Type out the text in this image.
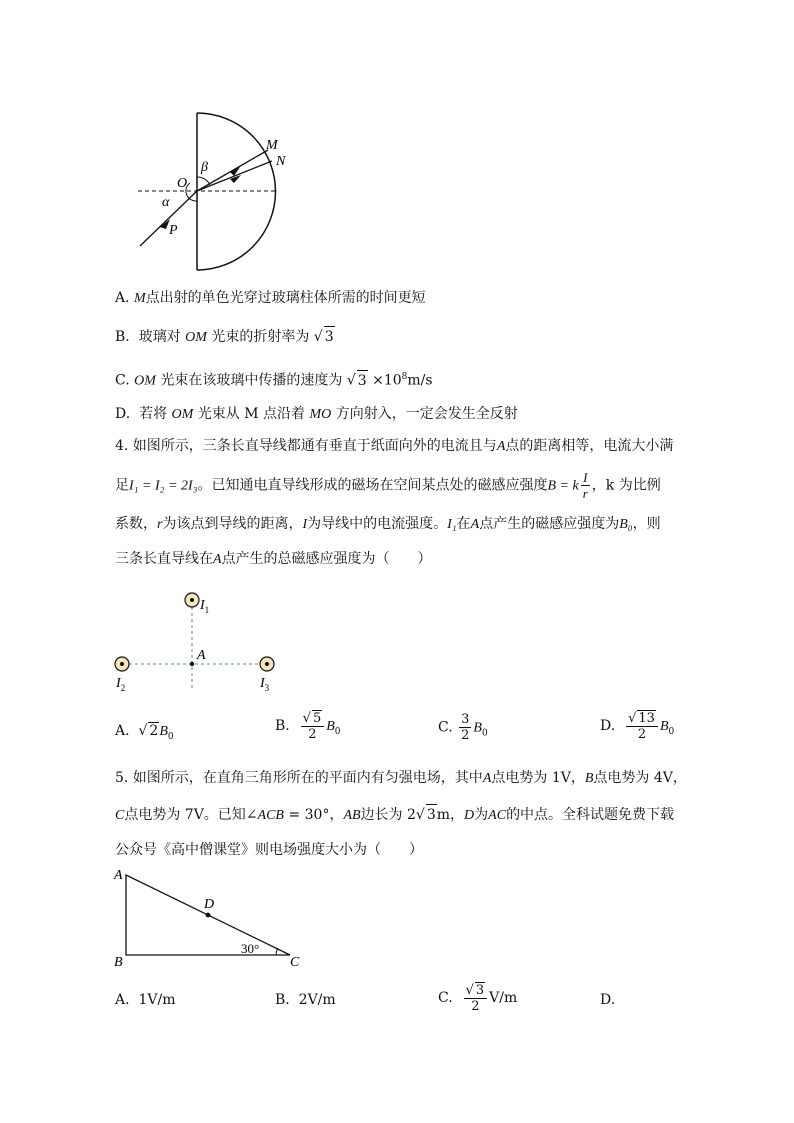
M
N
O
β
α
P
A. M点出射的单色光穿过玻璃柱体所需的时间更短
B. 玻璃对 OM 光束的折射率为 √ 3
C. OM 光束在该玻璃中传播的速度为 √ $3 \times 10^8m/s$
D. 若将 OM 光束从 M 点沿着 MO 方向射入，一定会发生全反射
4. 如图所示，三条长直导线都通有垂直于纸面向外的电流且与A点的距离相等，电流大小满
足I₁ = I₂ = 2I₃。已知通电直导线形成的磁场在空间某点处的磁感应强度B = k $\frac{I}{r}$ ，k 为比例
系数，r为该点到导线的距离，I为导线中的电流强度。I₁在A点产生的磁感应强度为B₀，则
三条长直导线在A点产生的总磁感应强度为（　　）
$I_1$
A
$I_2$	$I_3$
A.  √ $2B_0$
B. $\frac{√ 5}{2} B_0$	C. $\frac{3}{2} B_0$	D. $\frac{√ 13}{2} B_0$
5. 如图所示，在直角三角形所在的平面内有匀强电场，其中A点电势为 1V，B点电势为 4V，
C点电势为 7V。已知∠ACB = 30°，AB边长为 2√ 3m，D为AC的中点。全科试题免费下载
公众号《高中僧课堂》则电场强度大小为（　　）
A
B	C
D
30°
A. 1V/m	B. 2V/m	C. $\frac{√ 3}{2} V/m$	D.
